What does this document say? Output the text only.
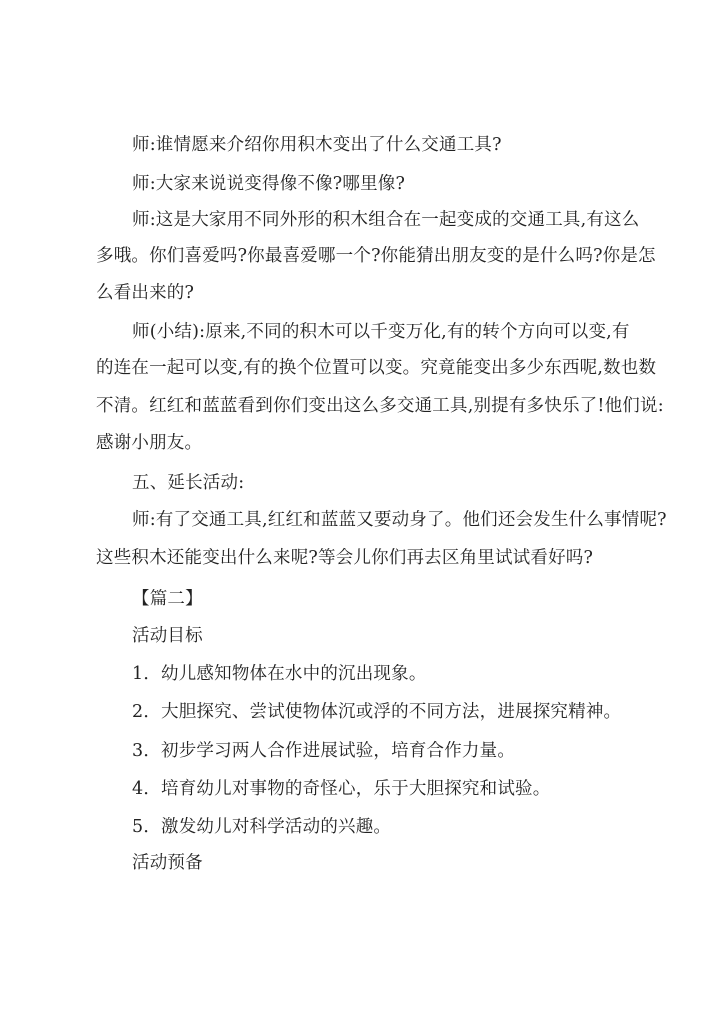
师:谁情愿来介绍你用积木变出了什么交通工具?
师:大家来说说变得像不像?哪里像?
师:这是大家用不同外形的积木组合在一起变成的交通工具,有这么
多哦。你们喜爱吗?你最喜爱哪一个?你能猜出朋友变的是什么吗?你是怎
么看出来的?
师(小结):原来,不同的积木可以千变万化,有的转个方向可以变,有
的连在一起可以变,有的换个位置可以变。究竟能变出多少东西呢,数也数
不清。红红和蓝蓝看到你们变出这么多交通工具,别提有多快乐了!他们说:
感谢小朋友。
五、延长活动:
师:有了交通工具,红红和蓝蓝又要动身了。他们还会发生什么事情呢?
这些积木还能变出什么来呢?等会儿你们再去区角里试试看好吗?
【篇二】
活动目标
1．幼儿感知物体在水中的沉出现象。
2．大胆探究、尝试使物体沉或浮的不同方法，进展探究精神。
3．初步学习两人合作进展试验，培育合作力量。
4．培育幼儿对事物的奇怪心，乐于大胆探究和试验。
5．激发幼儿对科学活动的兴趣。
活动预备
